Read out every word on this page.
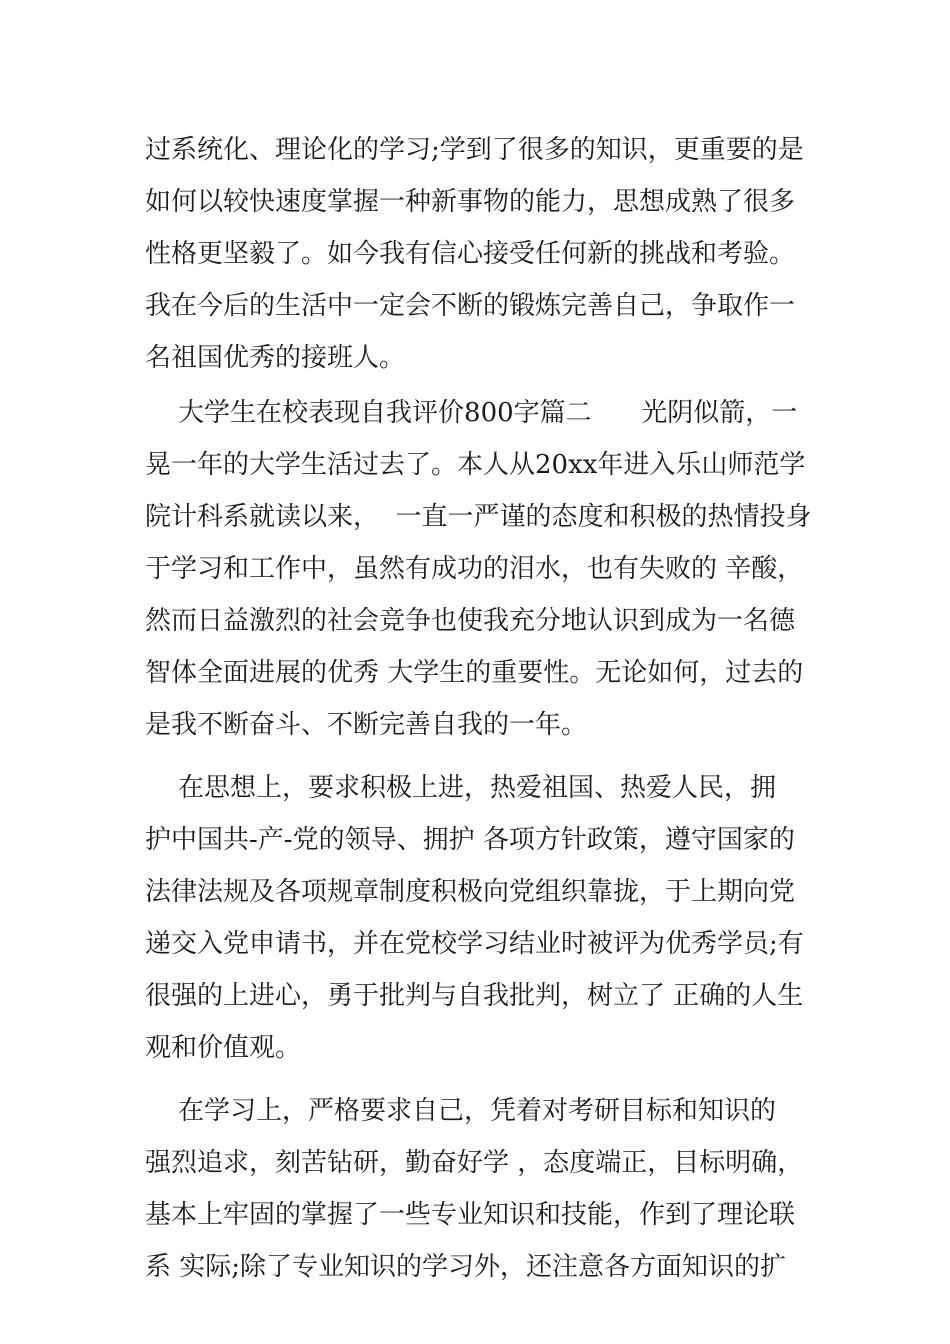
过系统化、理论化的学习;学到了很多的知识，更重要的是
如何以较快速度掌握一种新事物的能力，思想成熟了很多
性格更坚毅了。如今我有信心接受任何新的挑战和考验。
我在今后的生活中一定会不断的锻炼完善自己，争取作一
名祖国优秀的接班人。
大学生在校表现自我评价800字篇二      光阴似箭，一
晃一年的大学生活过去了。本人从20xx年进入乐山师范学
院计科系就读以来，  一直一严谨的态度和积极的热情投身
于学习和工作中，虽然有成功的泪水，也有失败的 辛酸，
然而日益激烈的社会竞争也使我充分地认识到成为一名德
智体全面进展的优秀 大学生的重要性。无论如何，过去的
是我不断奋斗、不断完善自我的一年。
在思想上，要求积极上进，热爱祖国、热爱人民，拥
护中国共-产-党的领导、拥护 各项方针政策，遵守国家的
法律法规及各项规章制度积极向党组织靠拢，于上期向党
递交入党申请书，并在党校学习结业时被评为优秀学员;有
很强的上进心，勇于批判与自我批判，树立了 正确的人生
观和价值观。
在学习上，严格要求自己，凭着对考研目标和知识的
强烈追求，刻苦钻研，勤奋好学 ，态度端正，目标明确，
基本上牢固的掌握了一些专业知识和技能，作到了理论联
系 实际;除了专业知识的学习外，还注意各方面知识的扩
